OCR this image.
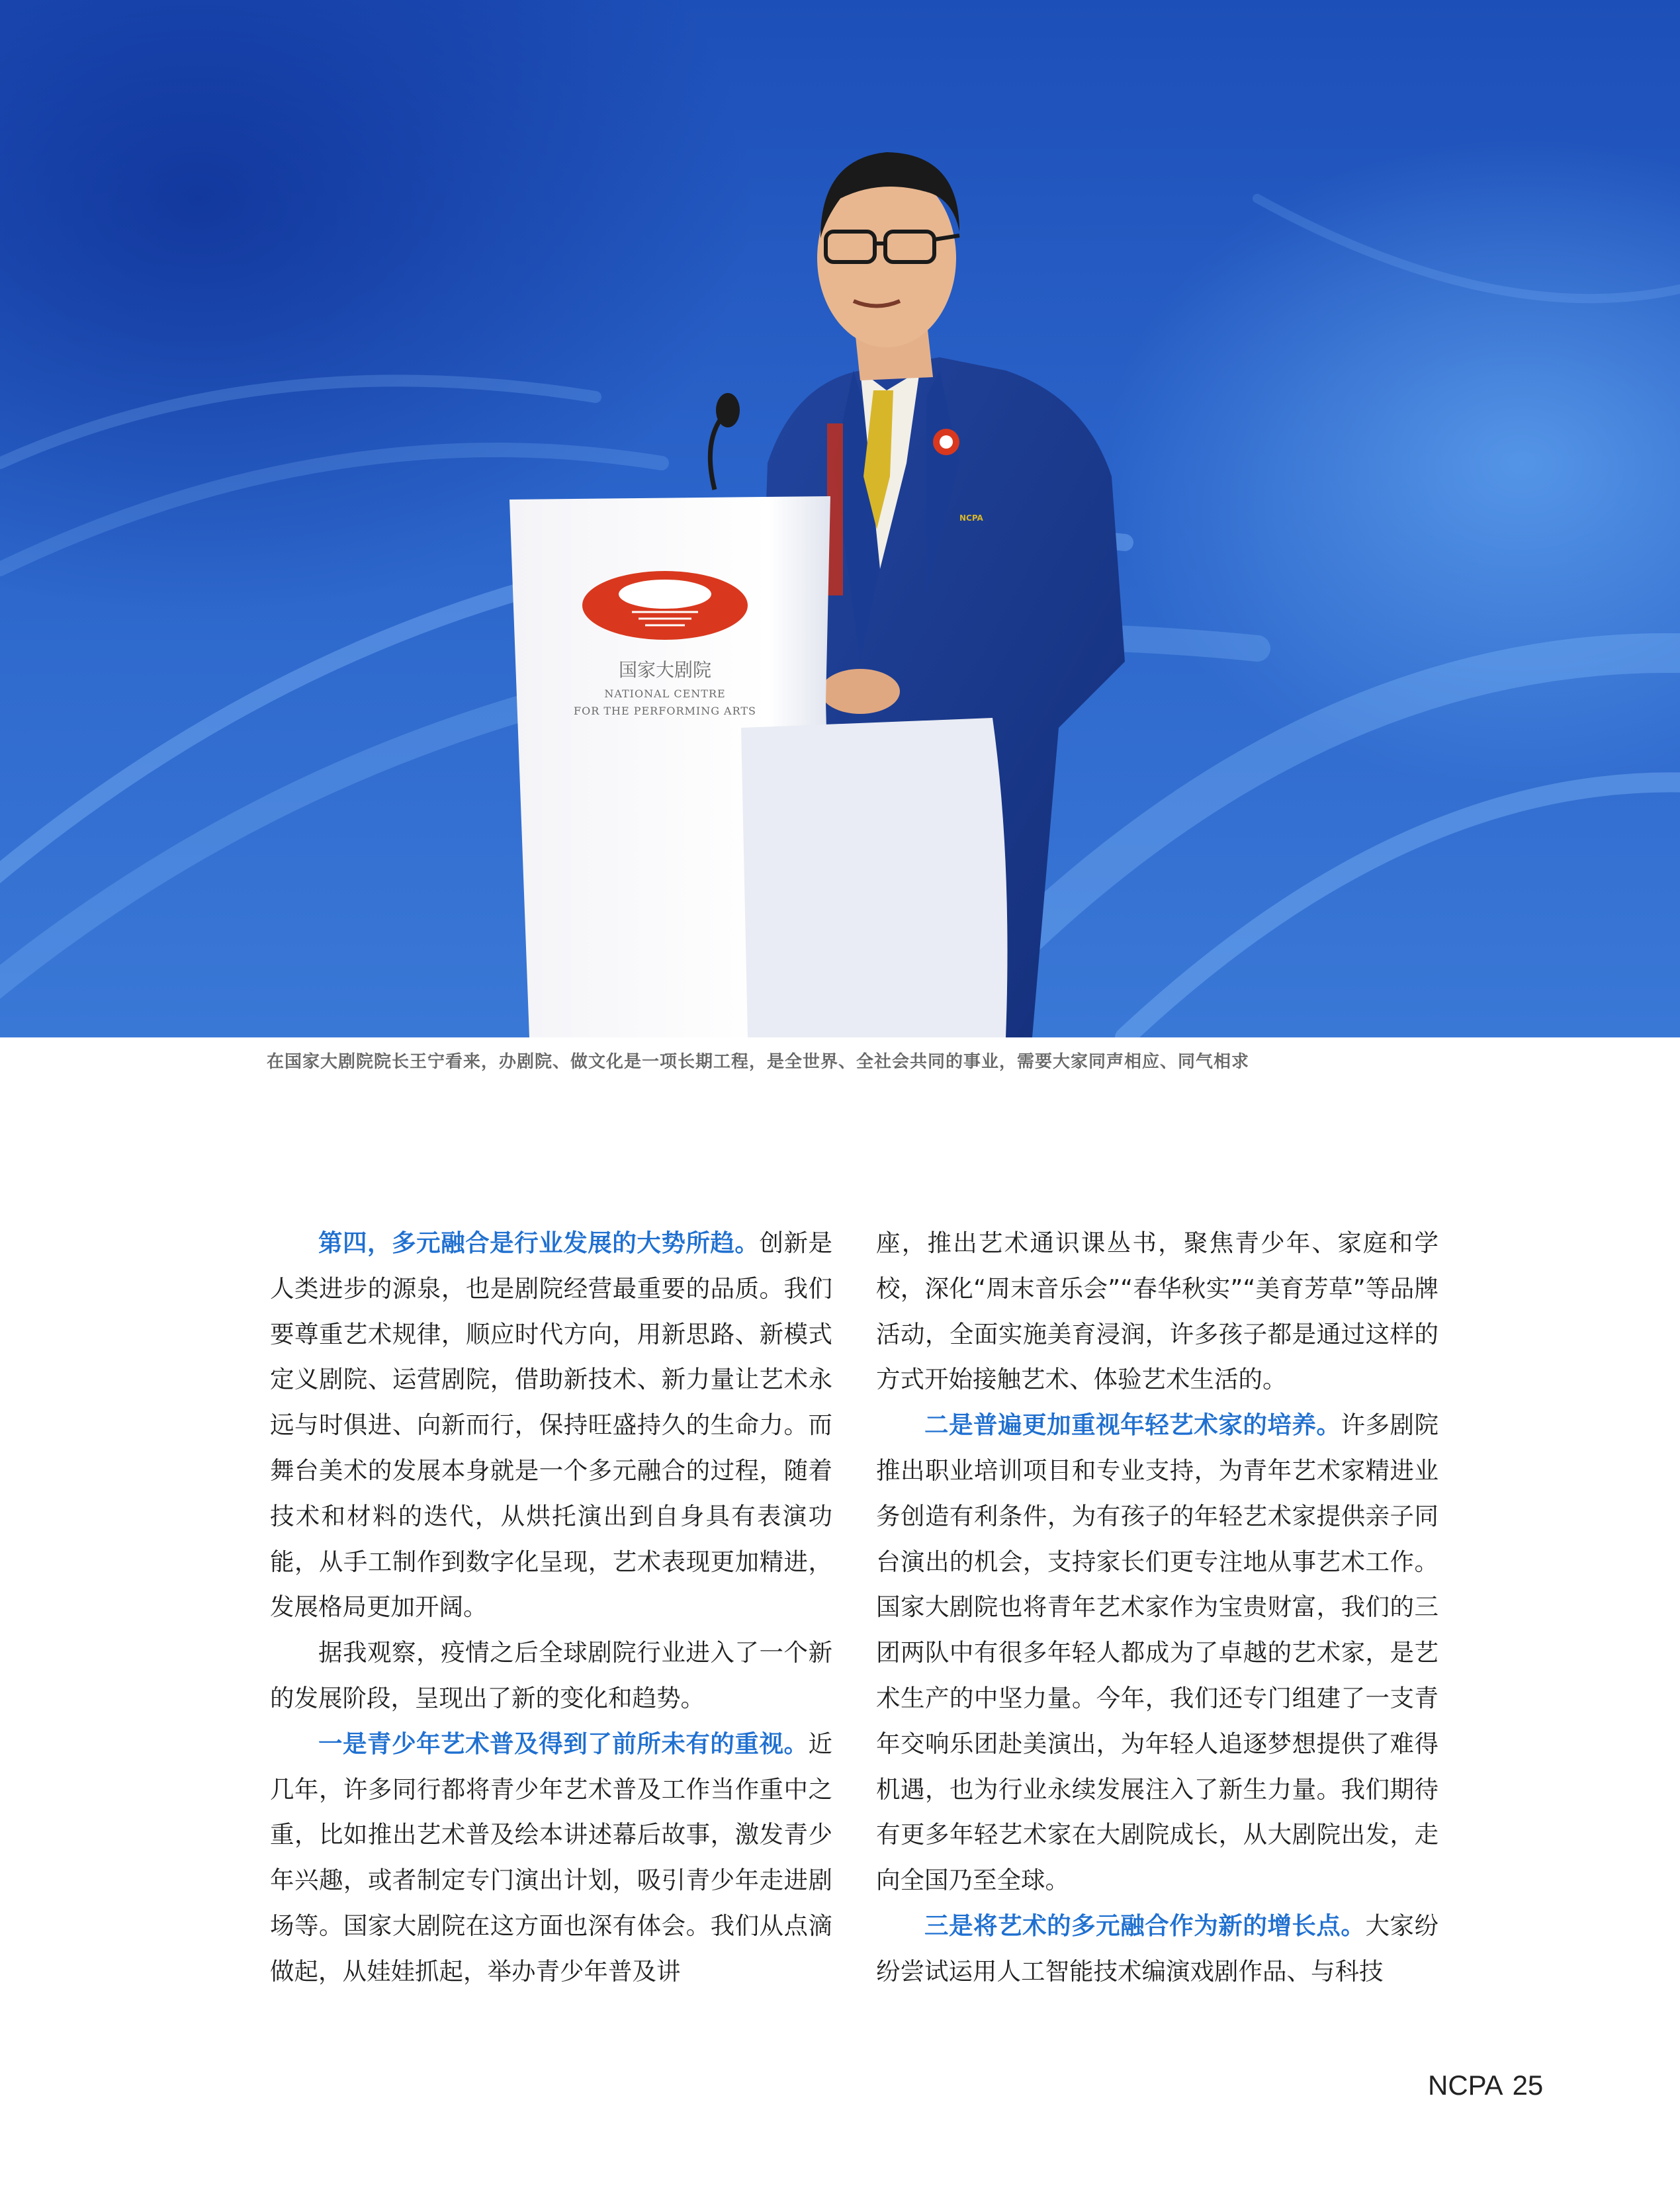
国家大剧院
NATIONAL CENTRE
FOR THE PERFORMING ARTS
NCPA
在国家大剧院院长王宁看来，办剧院、做文化是一项长期工程，是全世界、全社会共同的事业，需要大家同声相应、同气相求

第四，多元融合是行业发展的大势所趋。创新是人类进步的源泉，也是剧院经营最重要的品质。我们要尊重艺术规律，顺应时代方向，用新思路、新模式定义剧院、运营剧院，借助新技术、新力量让艺术永远与时俱进、向新而行，保持旺盛持久的生命力。而舞台美术的发展本身就是一个多元融合的过程，随着技术和材料的迭代，从烘托演出到自身具有表演功能，从手工制作到数字化呈现，艺术表现更加精进，发展格局更加开阔。

据我观察，疫情之后全球剧院行业进入了一个新的发展阶段，呈现出了新的变化和趋势。

一是青少年艺术普及得到了前所未有的重视。近几年，许多同行都将青少年艺术普及工作当作重中之重，比如推出艺术普及绘本讲述幕后故事，激发青少年兴趣，或者制定专门演出计划，吸引青少年走进剧场等。国家大剧院在这方面也深有体会。我们从点滴做起，从娃娃抓起，举办青少年普及讲

座，推出艺术通识课丛书，聚焦青少年、家庭和学校，深化“周末音乐会”“春华秋实”“美育芳草”等品牌活动，全面实施美育浸润，许多孩子都是通过这样的方式开始接触艺术、体验艺术生活的。

二是普遍更加重视年轻艺术家的培养。许多剧院推出职业培训项目和专业支持，为青年艺术家精进业务创造有利条件，为有孩子的年轻艺术家提供亲子同台演出的机会，支持家长们更专注地从事艺术工作。国家大剧院也将青年艺术家作为宝贵财富，我们的三团两队中有很多年轻人都成为了卓越的艺术家，是艺术生产的中坚力量。今年，我们还专门组建了一支青年交响乐团赴美演出，为年轻人追逐梦想提供了难得机遇，也为行业永续发展注入了新生力量。我们期待有更多年轻艺术家在大剧院成长，从大剧院出发，走向全国乃至全球。

三是将艺术的多元融合作为新的增长点。大家纷纷尝试运用人工智能技术编演戏剧作品、与科技

NCPA 25
